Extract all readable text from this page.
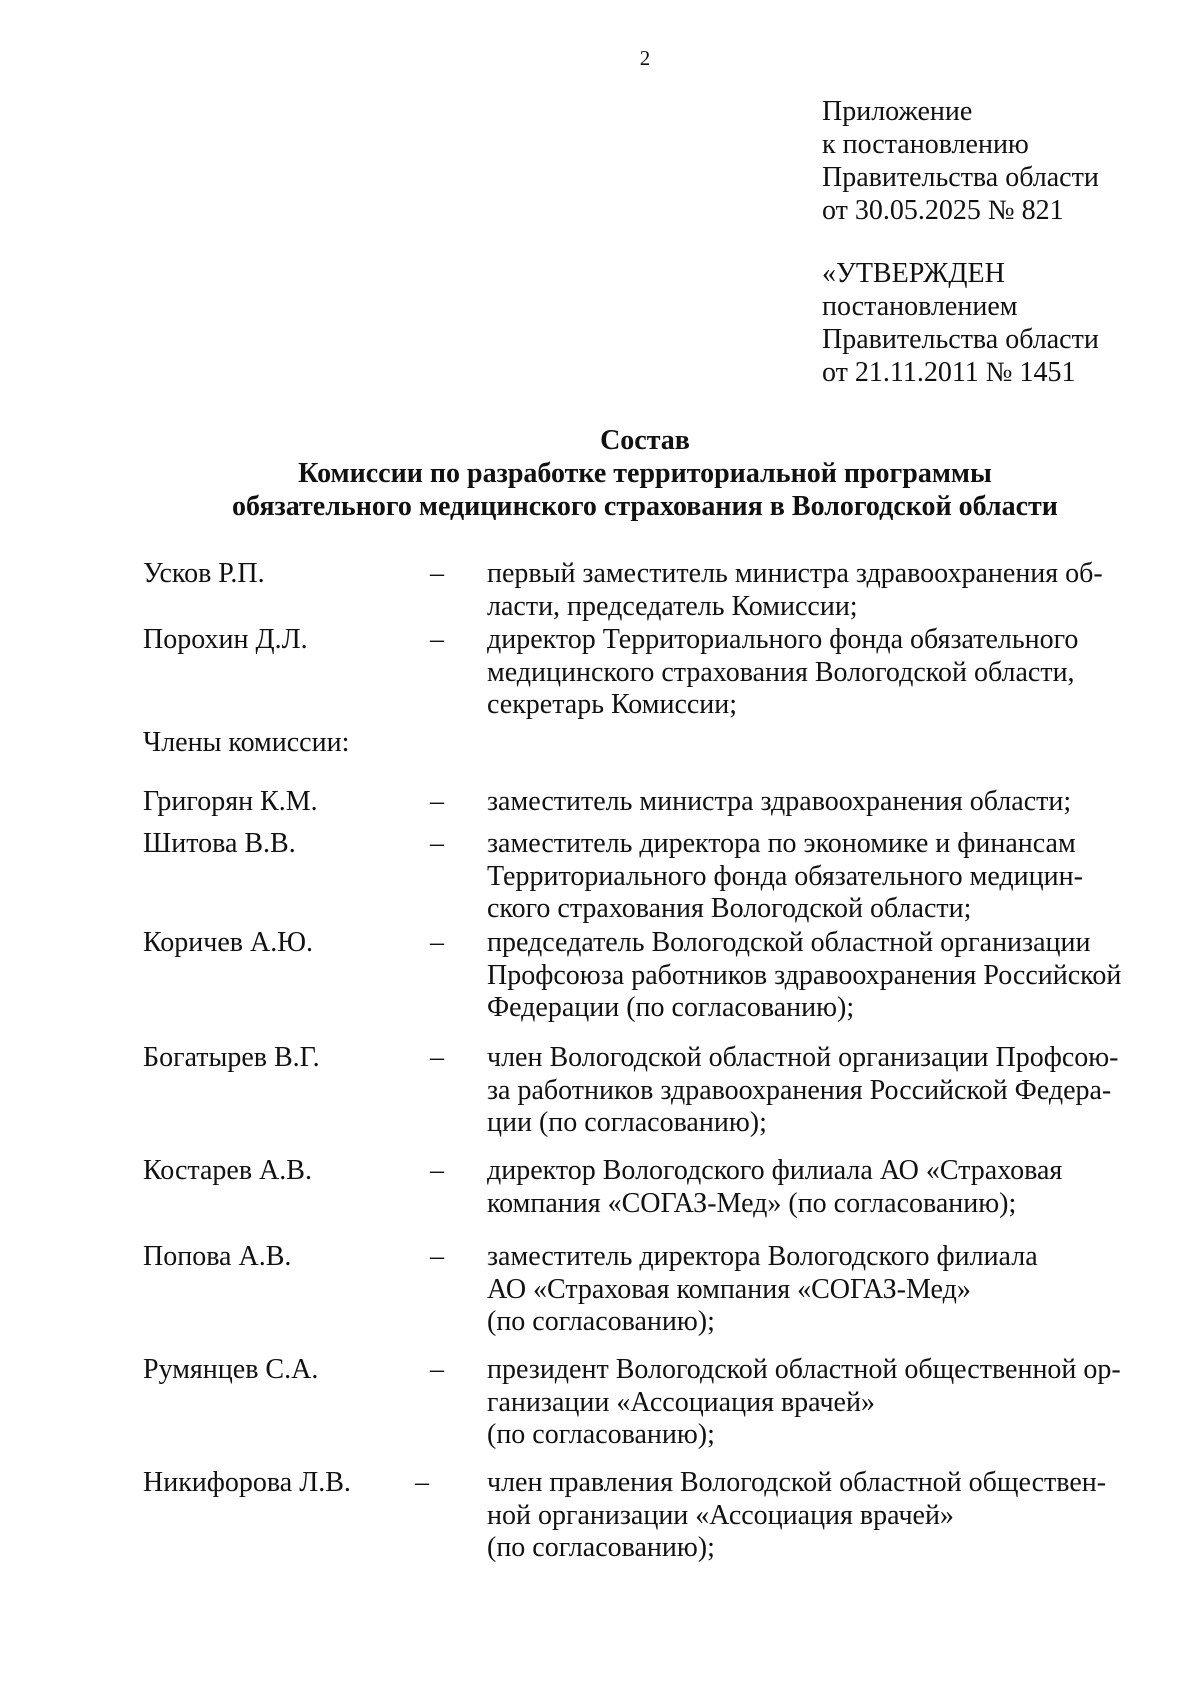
2
Приложение
к постановлению
Правительства области
от 30.05.2025 № 821
«УТВЕРЖДЕН
постановлением
Правительства области
от 21.11.2011 № 1451
Состав
Комиссии по разработке территориальной программы
обязательного медицинского страхования в Вологодской области
Усков Р.П.	– первый заместитель министра здравоохранения об-
ласти, председатель Комиссии;
Порохин Д.Л.	– директор Территориального фонда обязательного
медицинского страхования Вологодской области,
секретарь Комиссии;
Григорян К.М.	– заместитель министра здравоохранения области;
Шитова В.В.	– заместитель директора по экономике и финансам
Территориального фонда обязательного медицин-
ского страхования Вологодской области;
Коричев А.Ю.	– председатель Вологодской областной организации
Профсоюза работников здравоохранения Российской
Федерации (по согласованию);
Богатырев В.Г.	– член Вологодской областной организации Профсою-
за работников здравоохранения Российской Федера-
ции (по согласованию);
Костарев А.В.	– директор Вологодского филиала АО «Страховая
компания «СОГАЗ-Мед» (по согласованию);
Попова А.В.	– заместитель директора Вологодского филиала
АО «Страховая компания «СОГАЗ-Мед»
(по согласованию);
Румянцев С.А.	– президент Вологодской областной общественной ор-
ганизации «Ассоциация врачей»
(по согласованию);
Никифорова Л.В. – член правления Вологодской областной обществен-
ной организации «Ассоциация врачей»
(по согласованию);
Члены комиссии:
